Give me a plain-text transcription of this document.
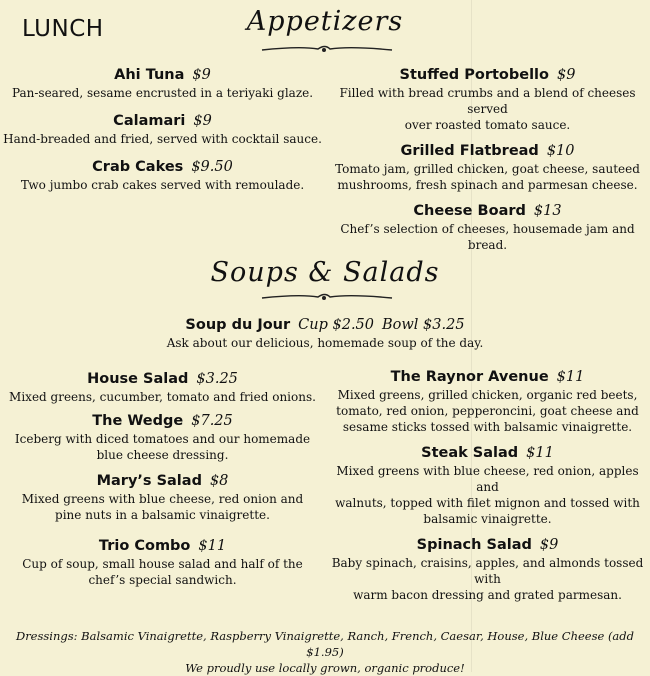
LUNCH	Appetizers
Ahi Tuna $9
Pan-seared, sesame encrusted in a teriyaki glaze.
Calamari $9
Hand-breaded and fried, served with cocktail sauce.
Crab Cakes $9.50
Two jumbo crab cakes served with remoulade.
Stuffed Portobello $9
Filled with bread crumbs and a blend of cheeses served
over roasted tomato sauce.
Grilled Flatbread $10
Tomato jam, grilled chicken, goat cheese, sauteed
mushrooms, fresh spinach and parmesan cheese.
Cheese Board $13
Chef’s selection of cheeses, housemade jam and bread.
Soups & Salads
Soup du Jour Cup $2.50 Bowl $3.25
Ask about our delicious, homemade soup of the day.
House Salad $3.25
Mixed greens, cucumber, tomato and fried onions.
The Wedge $7.25
Iceberg with diced tomatoes and our homemade
blue cheese dressing.
Mary’s Salad $8
Mixed greens with blue cheese, red onion and
pine nuts in a balsamic vinaigrette.
Trio Combo $11
Cup of soup, small house salad and half of the
chef’s special sandwich.
The Raynor Avenue $11
Mixed greens, grilled chicken, organic red beets,
tomato, red onion, pepperoncini, goat cheese and
sesame sticks tossed with balsamic vinaigrette.
Steak Salad $11
Mixed greens with blue cheese, red onion, apples and
walnuts, topped with filet mignon and tossed with
balsamic vinaigrette.
Spinach Salad $9
Baby spinach, craisins, apples, and almonds tossed with
warm bacon dressing and grated parmesan.
Dressings: Balsamic Vinaigrette, Raspberry Vinaigrette, Ranch, French, Caesar, House, Blue Cheese (add $1.95)
We proudly use locally grown, organic produce!
